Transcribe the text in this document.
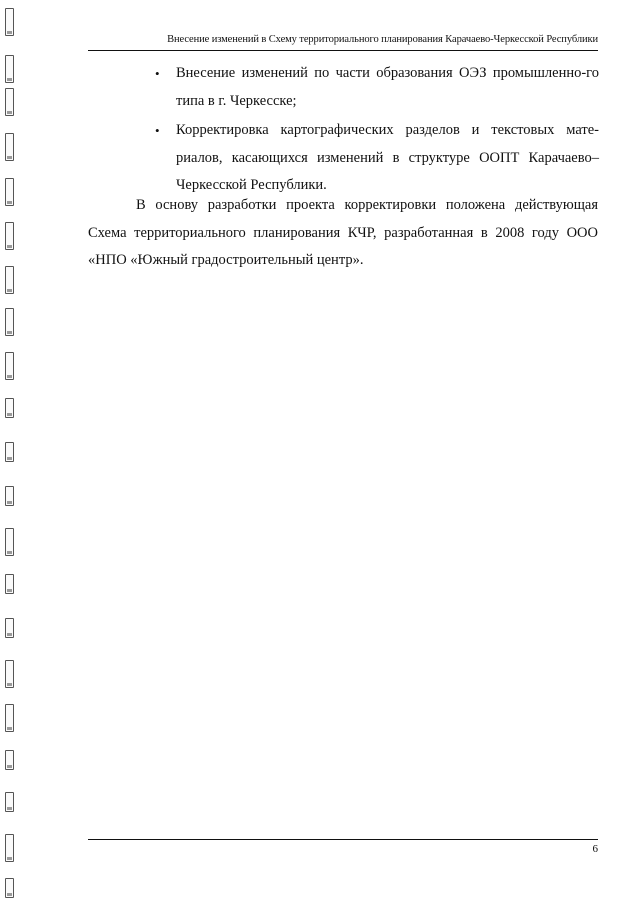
Внесение изменений в Схему территориального планирования Карачаево-Черкесской Республики
• Внесение изменений по части образования ОЭЗ промышленно-го типа в г. Черкесске;
• Корректировка картографических разделов и текстовых мате-риалов, касающихся изменений в структуре ООПТ Карачаево–Черкесской Республики.

В основу разработки проекта корректировки положена действующая Схема территориального планирования КЧР, разработанная в 2008 году ООО «НПО «Южный градостроительный центр».

6
